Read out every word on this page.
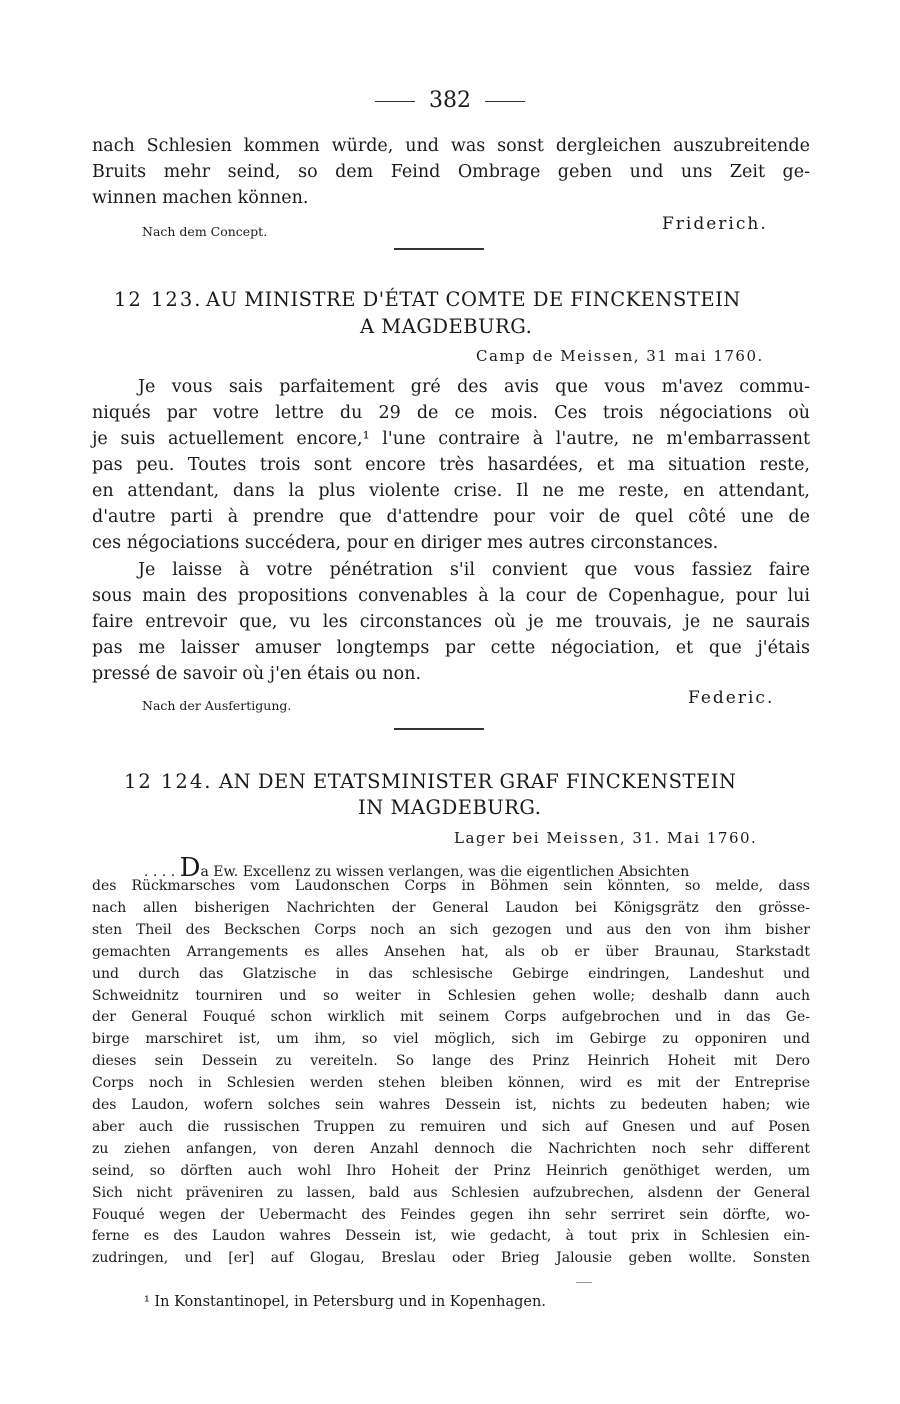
382
nach Schlesien kommen würde, und was sonst dergleichen auszubreitende
Bruits mehr seind, so dem Feind Ombrage geben und uns Zeit ge-
winnen machen können.
Nach dem Concept.	Friderich.
12 123. AU MINISTRE D'ÉTAT COMTE DE FINCKENSTEIN
A MAGDEBURG.
Camp de Meissen, 31 mai 1760.
Je vous sais parfaitement gré des avis que vous m'avez commu-
niqués par votre lettre du 29 de ce mois. Ces trois négociations où
je suis actuellement encore,¹ l'une contraire à l'autre, ne m'embarrassent
pas peu. Toutes trois sont encore très hasardées, et ma situation reste,
en attendant, dans la plus violente crise. Il ne me reste, en attendant,
d'autre parti à prendre que d'attendre pour voir de quel côté une de
ces négociations succédera, pour en diriger mes autres circonstances.
Je laisse à votre pénétration s'il convient que vous fassiez faire
sous main des propositions convenables à la cour de Copenhague, pour lui
faire entrevoir que, vu les circonstances où je me trouvais, je ne saurais
pas me laisser amuser longtemps par cette négociation, et que j'étais
pressé de savoir où j'en étais ou non.
Nach der Ausfertigung.	Federic.
12 124. AN DEN ETATSMINISTER GRAF FINCKENSTEIN
IN MAGDEBURG.
Lager bei Meissen, 31. Mai 1760.
. . . . Da Ew. Excellenz zu wissen verlangen, was die eigentlichen Absichten
des Rückmarsches vom Laudonschen Corps in Böhmen sein könnten, so melde, dass
nach allen bisherigen Nachrichten der General Laudon bei Königsgrätz den grösse-
sten Theil des Beckschen Corps noch an sich gezogen und aus den von ihm bisher
gemachten Arrangements es alles Ansehen hat, als ob er über Braunau, Starkstadt
und durch das Glatzische in das schlesische Gebirge eindringen, Landeshut und
Schweidnitz tourniren und so weiter in Schlesien gehen wolle; deshalb dann auch
der General Fouqué schon wirklich mit seinem Corps aufgebrochen und in das Ge-
birge marschiret ist, um ihm, so viel möglich, sich im Gebirge zu opponiren und
dieses sein Dessein zu vereiteln. So lange des Prinz Heinrich Hoheit mit Dero
Corps noch in Schlesien werden stehen bleiben können, wird es mit der Entreprise
des Laudon, wofern solches sein wahres Dessein ist, nichts zu bedeuten haben; wie
aber auch die russischen Truppen zu remuiren und sich auf Gnesen und auf Posen
zu ziehen anfangen, von deren Anzahl dennoch die Nachrichten noch sehr different
seind, so dörften auch wohl Ihro Hoheit der Prinz Heinrich genöthiget werden, um
Sich nicht präveniren zu lassen, bald aus Schlesien aufzubrechen, alsdenn der General
Fouqué wegen der Uebermacht des Feindes gegen ihn sehr serriret sein dörfte, wo-
ferne es des Laudon wahres Dessein ist, wie gedacht, à tout prix in Schlesien ein-
zudringen, und [er] auf Glogau, Breslau oder Brieg Jalousie geben wollte. Sonsten
¹ In Konstantinopel, in Petersburg und in Kopenhagen.
